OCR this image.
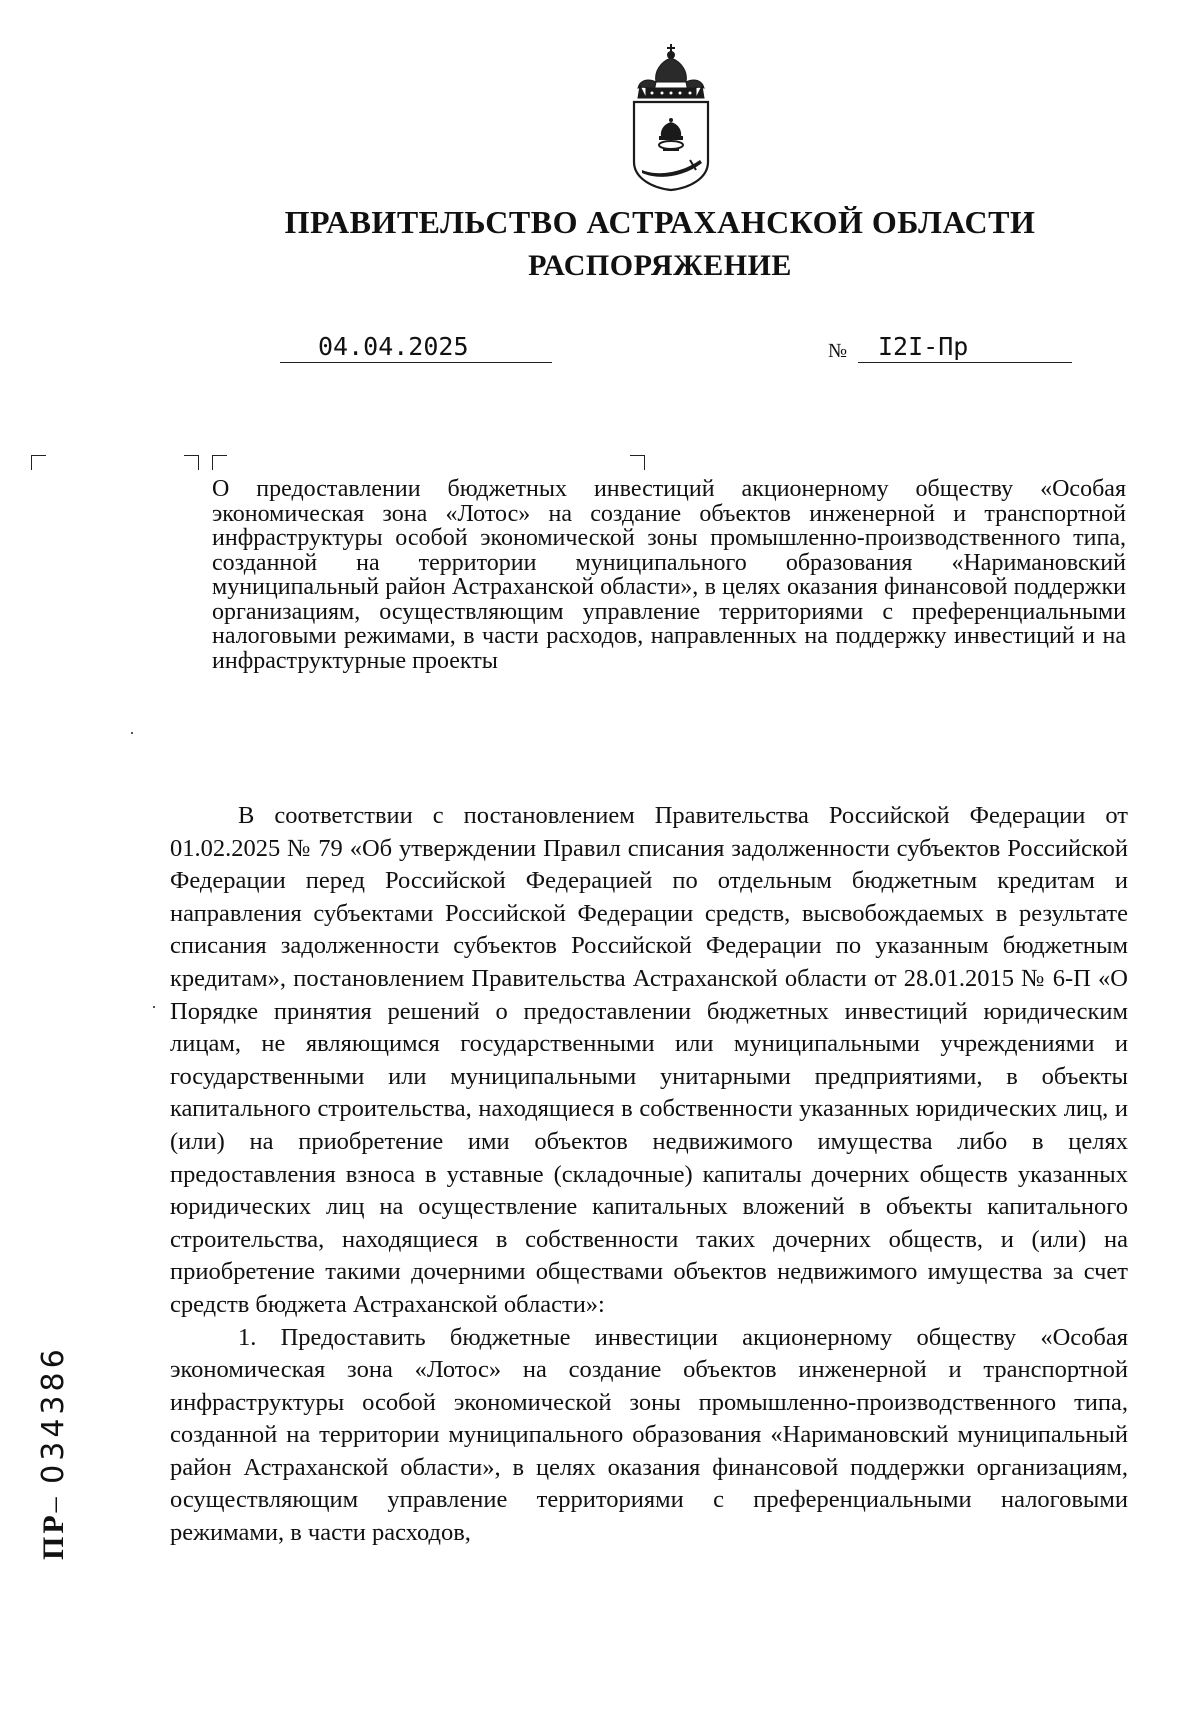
ПРАВИТЕЛЬСТВО АСТРАХАНСКОЙ ОБЛАСТИ
РАСПОРЯЖЕНИЕ
04.04.2025	№	I2I-Пр
О предоставлении бюджетных инвестиций акционерному обществу «Особая экономическая зона «Лотос» на создание объектов инженерной и транспортной инфраструктуры особой экономической зоны промышленно-производственного типа, созданной на территории муниципального образования «Наримановский муниципальный район Астраханской области», в целях оказания финансовой поддержки организациям, осуществляющим управление территориями с преференциальными налоговыми режимами, в части расходов, направленных на поддержку инвестиций и на инфраструктурные проекты

В соответствии с постановлением Правительства Российской Федерации от 01.02.2025 № 79 «Об утверждении Правил списания задолженности субъектов Российской Федерации перед Российской Федерацией по отдельным бюджетным кредитам и направления субъектами Российской Федерации средств, высвобождаемых в результате списания задолженности субъектов Российской Федерации по указанным бюджетным кредитам», постановлением Правительства Астраханской области от 28.01.2015 № 6-П «О Порядке принятия решений о предоставлении бюджетных инвестиций юридическим лицам, не являющимся государственными или муниципальными учреждениями и государственными или муниципальными унитарными предприятиями, в объекты капитального строительства, находящиеся в собственности указанных юридических лиц, и (или) на приобретение ими объектов недвижимого имущества либо в целях предоставления взноса в уставные (складочные) капиталы дочерних обществ указанных юридических лиц на осуществление капитальных вложений в объекты капитального строительства, находящиеся в собственности таких дочерних обществ, и (или) на приобретение такими дочерними обществами объектов недвижимого имущества за счет средств бюджета Астраханской области»:

1. Предоставить бюджетные инвестиции акционерному обществу «Особая экономическая зона «Лотос» на создание объектов инженерной и транспортной инфраструктуры особой экономической зоны промышленно-производственного типа, созданной на территории муниципального образования «Наримановский муниципальный район Астраханской области», в целях оказания финансовой поддержки организациям, осуществляющим управление территориями с преференциальными налоговыми режимами, в части расходов,

ПР– 034386
